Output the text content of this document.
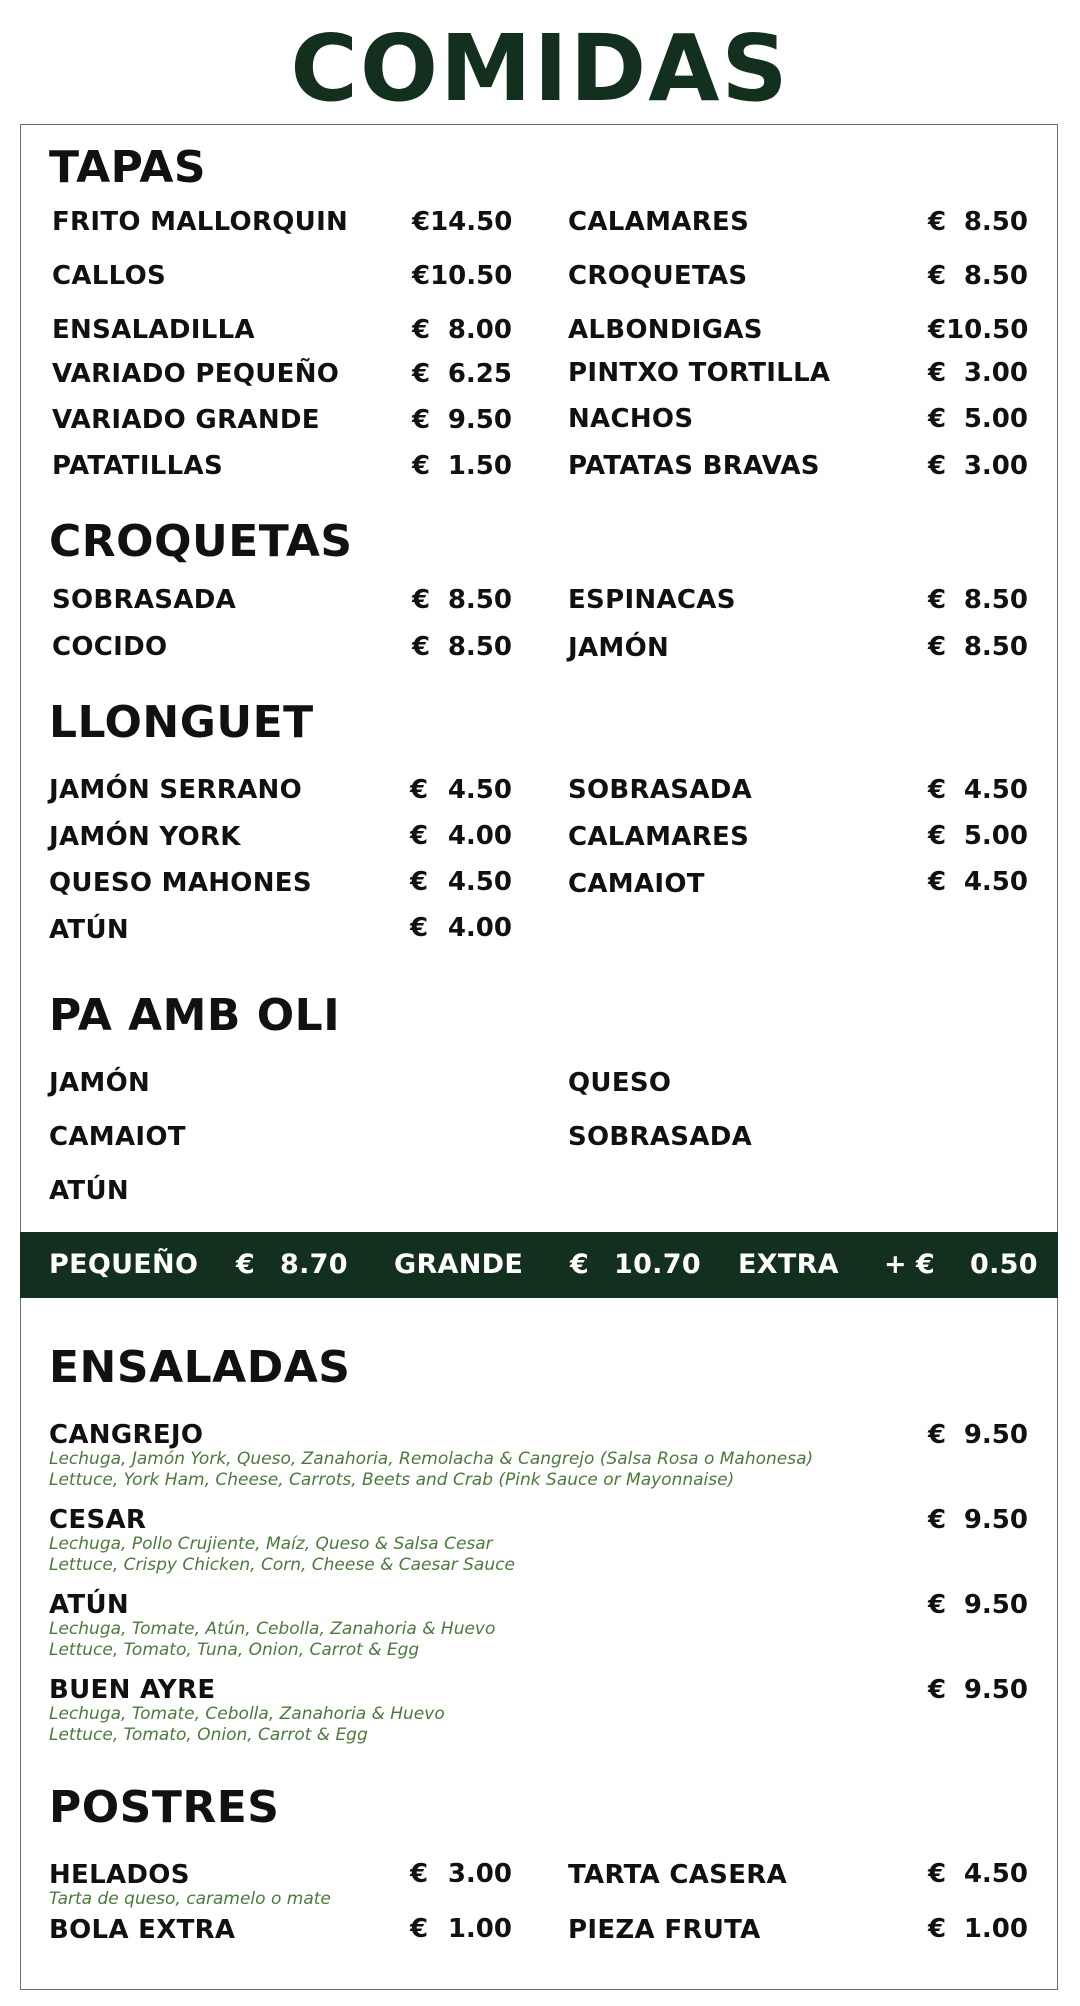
COMIDAS
TAPAS
FRITO MALLORQUIN € 14.50
CALLOS	€ 10.50
ENSALADILLA	€ 8.00
VARIADO PEQUEÑO	€ 6.25
VARIADO GRANDE	€ 9.50
PATATILLAS	€ 1.50
CALAMARES	€ 8.50
CROQUETAS	€ 8.50
ALBONDIGAS	€ 10.50
PINTXO TORTILLA	€ 3.00
NACHOS	€ 5.00
PATATAS BRAVAS	€ 3.00
CROQUETAS
SOBRASADA	€ 8.50
COCIDO	€ 8.50
ESPINACAS	€ 8.50
JAMÓN	€ 8.50
LLONGUET
JAMÓN SERRANO	€ 4.50
JAMÓN YORK	€ 4.00
QUESO MAHONES	€ 4.50
ATÚN	€ 4.00
SOBRASADA	€ 4.50
CALAMARES	€ 5.00
CAMAIOT	€ 4.50
PA AMB OLI
JAMÓN
CAMAIOT
ATÚN
QUESO
SOBRASADA
PEQUEÑO € 8.70 GRANDE € 10.70 EXTRA + € 0.50
ENSALADAS
CANGREJO	€ 9.50
Lechuga, Jamón York, Queso, Zanahoria, Remolacha & Cangrejo (Salsa Rosa o Mahonesa)
Lettuce, York Ham, Cheese, Carrots, Beets and Crab (Pink Sauce or Mayonnaise)
CESAR	€ 9.50
Lechuga, Pollo Crujiente, Maíz, Queso & Salsa Cesar
Lettuce, Crispy Chicken, Corn, Cheese & Caesar Sauce
ATÚN	€ 9.50
Lechuga, Tomate, Atún, Cebolla, Zanahoria & Huevo
Lettuce, Tomato, Tuna, Onion, Carrot & Egg
BUEN AYRE	€ 9.50
Lechuga, Tomate, Cebolla, Zanahoria & Huevo
Lettuce, Tomato, Onion, Carrot & Egg
POSTRES
HELADOS	€ 3.00
Tarta de queso, caramelo o mate
BOLA EXTRA	€ 1.00
TARTA CASERA	€ 4.50
PIEZA FRUTA	€ 1.00
